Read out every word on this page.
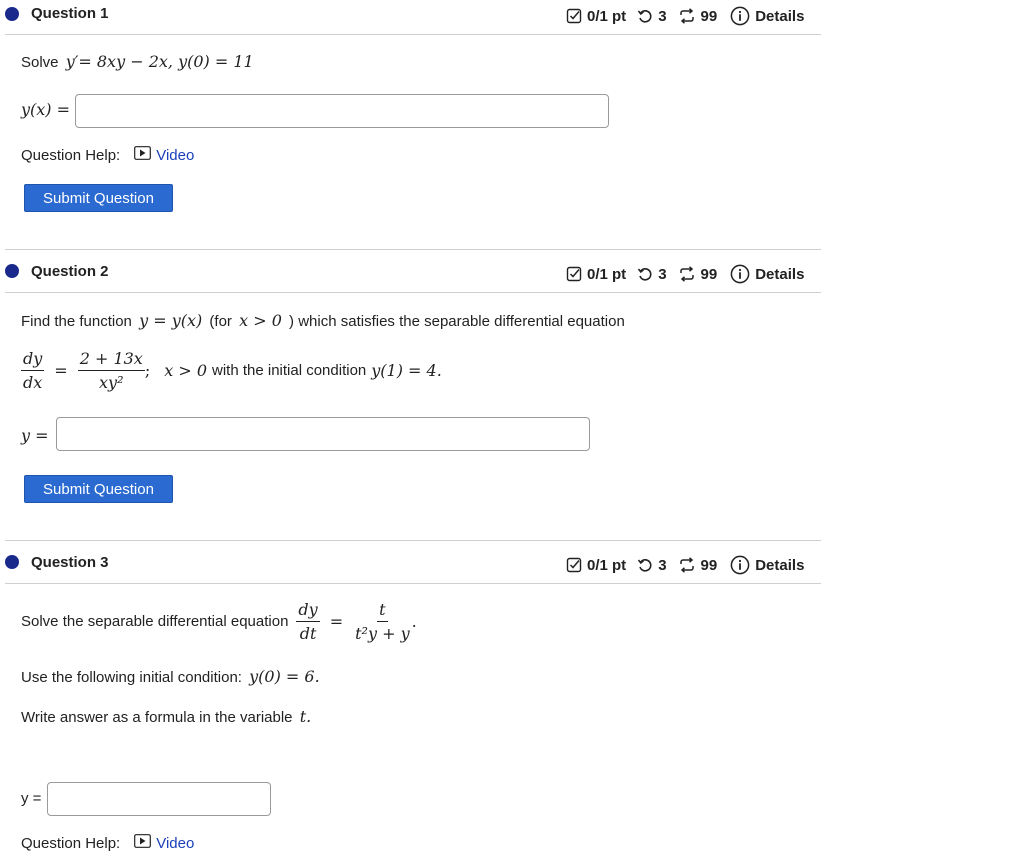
Question 1	0/1 pt 3 99	Details
Solve y′= 8xy − 2x, y(0) = 11
y(x) =
Question Help: Video
Submit Question
Question 2	0/1 pt 3 99	Details
Find the function y = y(x) (for x > 0 ) which satisfies the separable differential equation
$\frac{dy}{dx} = \frac{2 + 13x}{\text{xy²}}$ ; x > 0 with the initial condition y(1) = 4.
y =
Submit Question
Question 3	0/1 pt 3 99	Details
Solve the separable differential equation $\frac{dy}{dt} = \frac{t}{\text{t²y + y}}$ .
Use the following initial condition: y(0) = 6.
Write answer as a formula in the variable t.
y =
Question Help: Video
